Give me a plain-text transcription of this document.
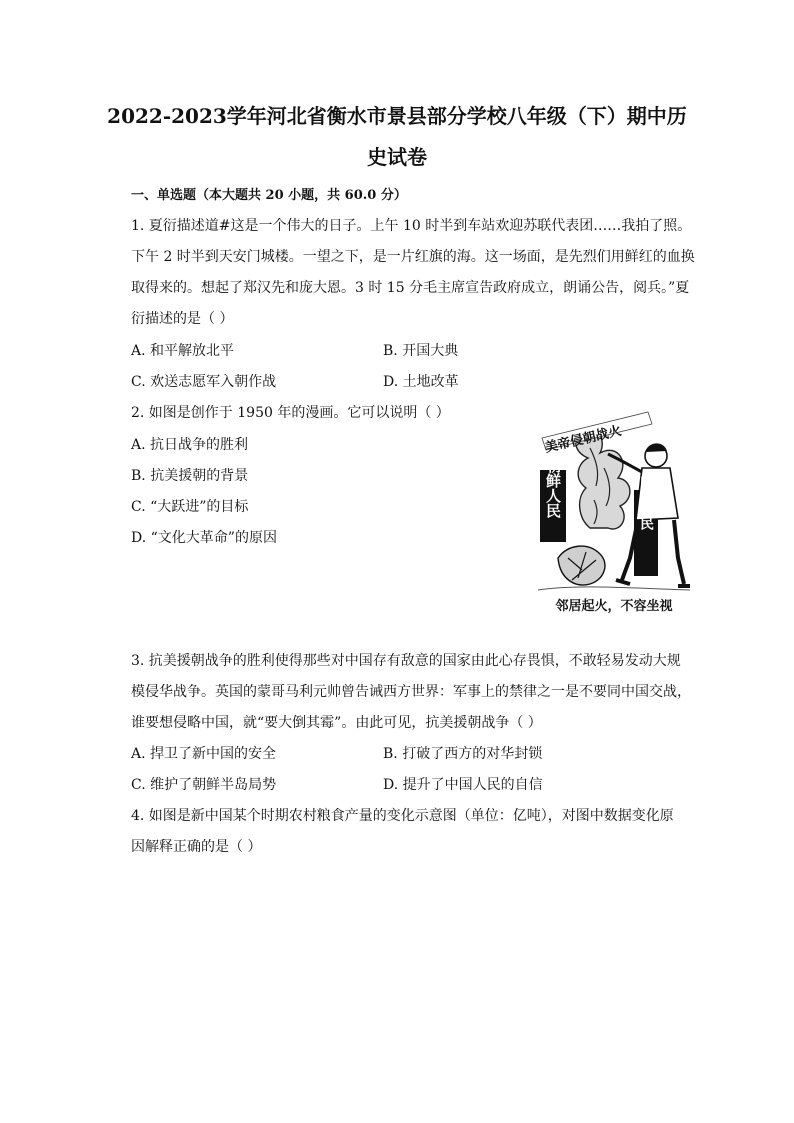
2022-2023学年河北省衡水市景县部分学校八年级（下）期中历
史试卷
一、单选题（本大题共 20 小题，共 60.0 分）
1. 夏衍描述道#这是一个伟大的日子。上午 10 时半到车站欢迎苏联代表团……我拍了照。
下午 2 时半到天安门城楼。一望之下，是一片红旗的海。这一场面，是先烈们用鲜红的血换
取得来的。想起了郑汉先和庞大恩。3 时 15 分毛主席宣告政府成立，朗诵公告，阅兵。”夏
衍描述的是（ ）
A. 和平解放北平	B. 开国大典
C. 欢送志愿军入朝作战	D. 土地改革
2. 如图是创作于 1950 年的漫画。它可以说明（ ）
A. 抗日战争的胜利
B. 抗美援朝的背景
C. “大跃进”的目标
D. “文化大革命”的原因
美帝侵朝战火
朝鲜人民	中国人民
邻居起火，不容坐视
3. 抗美援朝战争的胜利使得那些对中国存有敌意的国家由此心存畏惧，不敢轻易发动大规
模侵华战争。英国的蒙哥马利元帅曾告诫西方世界：军事上的禁律之一是不要同中国交战，
谁要想侵略中国，就“要大倒其霉”。由此可见，抗美援朝战争（ ）
A. 捍卫了新中国的安全	B. 打破了西方的对华封锁
C. 维护了朝鲜半岛局势	D. 提升了中国人民的自信
4. 如图是新中国某个时期农村粮食产量的变化示意图（单位：亿吨），对图中数据变化原
因解释正确的是（ ）
